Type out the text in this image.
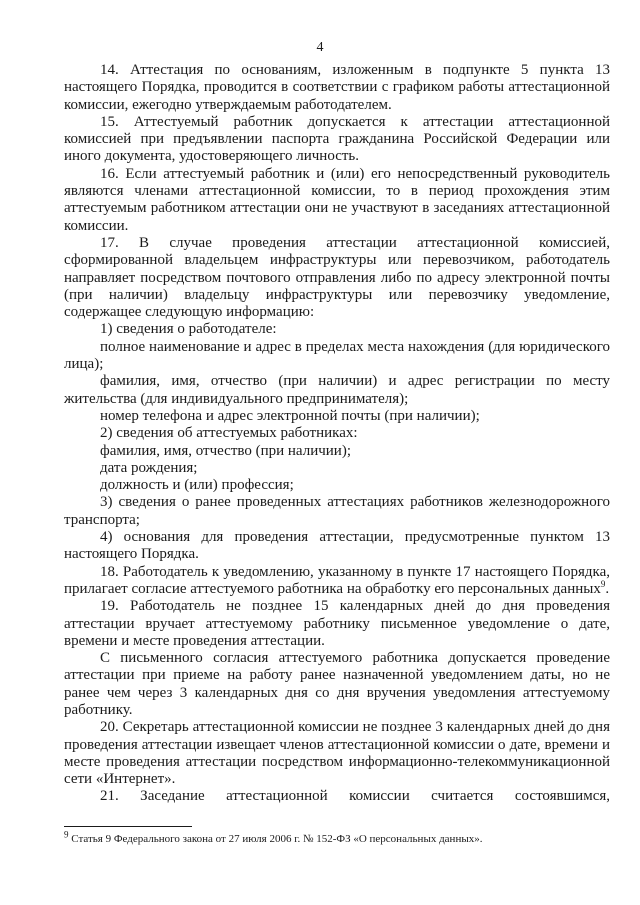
4

14. Аттестация по основаниям, изложенным в подпункте 5 пункта 13 настоящего Порядка, проводится в соответствии с графиком работы аттестационной комиссии, ежегодно утверждаемым работодателем.

15. Аттестуемый работник допускается к аттестации аттестационной комиссией при предъявлении паспорта гражданина Российской Федерации или иного документа, удостоверяющего личность.

16. Если аттестуемый работник и (или) его непосредственный руководитель являются членами аттестационной комиссии, то в период прохождения этим аттестуемым работником аттестации они не участвуют в заседаниях аттестационной комиссии.

17. В случае проведения аттестации аттестационной комиссией, сформированной владельцем инфраструктуры или перевозчиком, работодатель направляет посредством почтового отправления либо по адресу электронной почты (при наличии) владельцу инфраструктуры или перевозчику уведомление, содержащее следующую информацию:

1) сведения о работодателе:

полное наименование и адрес в пределах места нахождения (для юридического лица);

фамилия, имя, отчество (при наличии) и адрес регистрации по месту жительства (для индивидуального предпринимателя);

номер телефона и адрес электронной почты (при наличии);

2) сведения об аттестуемых работниках:

фамилия, имя, отчество (при наличии);

дата рождения;

должность и (или) профессия;

3) сведения о ранее проведенных аттестациях работников железнодорожного транспорта;

4) основания для проведения аттестации, предусмотренные пунктом 13 настоящего Порядка.

18. Работодатель к уведомлению, указанному в пункте 17 настоящего Порядка, прилагает согласие аттестуемого работника на обработку его персональных данных$^9$.

19. Работодатель не позднее 15 календарных дней до дня проведения аттестации вручает аттестуемому работнику письменное уведомление о дате, времени и месте проведения аттестации.

С письменного согласия аттестуемого работника допускается проведение аттестации при приеме на работу ранее назначенной уведомлением даты, но не ранее чем через 3 календарных дня со дня вручения уведомления аттестуемому работнику.

20. Секретарь аттестационной комиссии не позднее 3 календарных дней до дня проведения аттестации извещает членов аттестационной комиссии о дате, времени и месте проведения аттестации посредством информационно-телекоммуникационной сети «Интернет».

21. Заседание аттестационной комиссии считается состоявшимся,

$^9$ Статья 9 Федерального закона от 27 июля 2006 г. № 152-ФЗ «О персональных данных».
